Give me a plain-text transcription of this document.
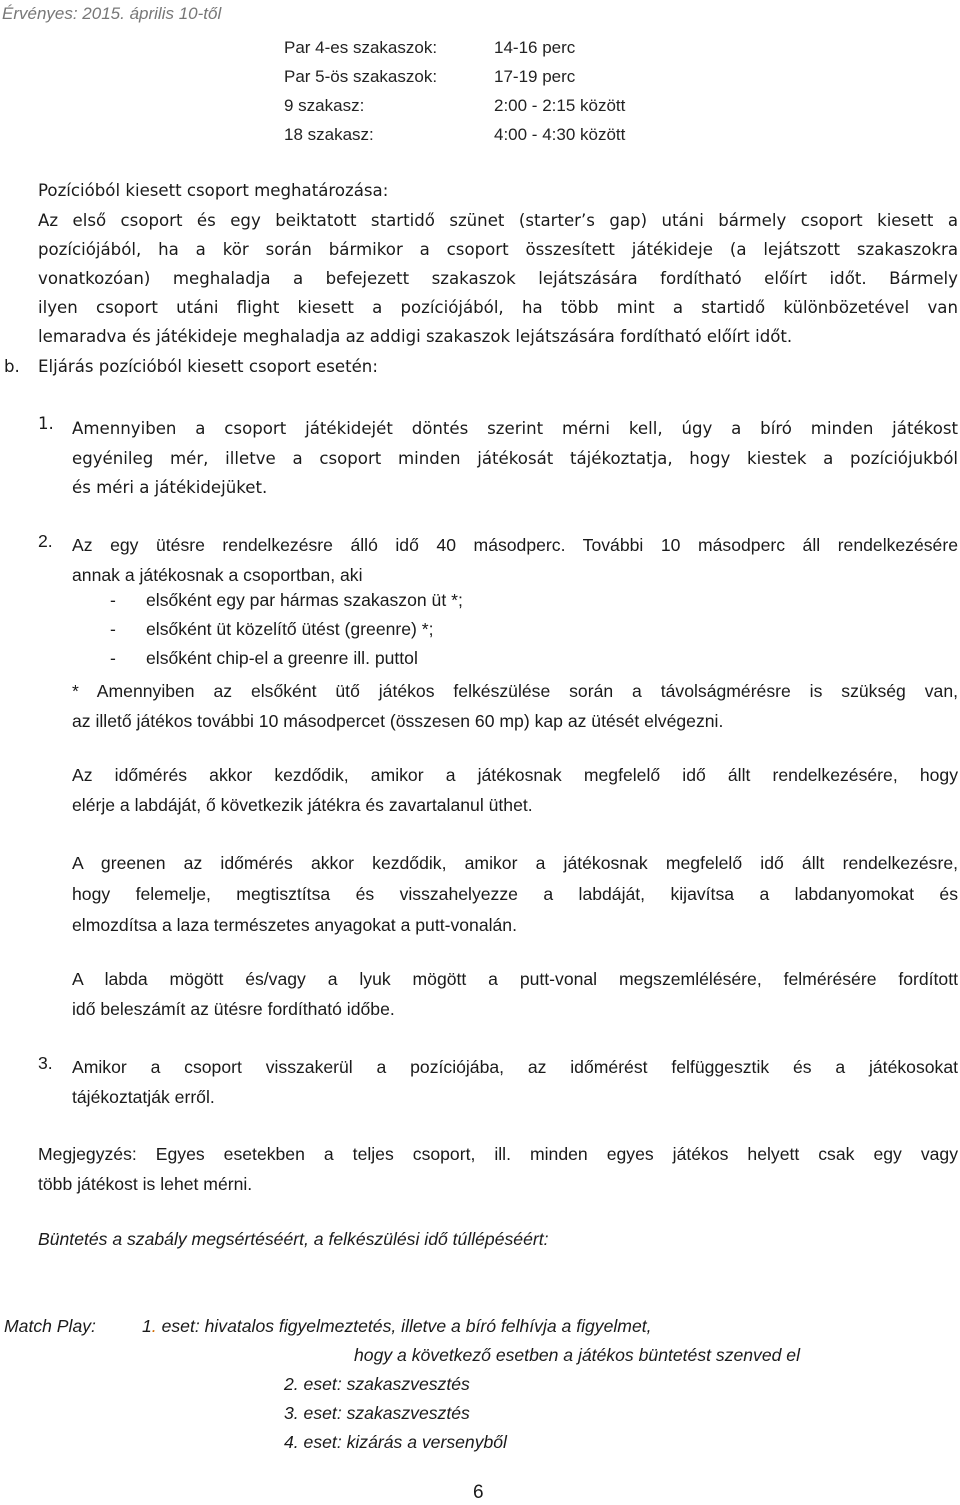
Érvényes: 2015. április 10-től

Par 4-es szakaszok:	14-16 perc

Par 5-ös szakaszok:	17-19 perc

9 szakasz:	2:00 - 2:15 között

18 szakasz:	4:00 - 4:30 között

Pozícióból kiesett csoport meghatározása:

Az első csoport és egy beiktatott startidő szünet (starter’s gap) utáni bármely csoport kiesett a
pozíciójából, ha a kör során bármikor a csoport összesített játékideje (a lejátszott szakaszokra
vonatkozóan) meghaladja a befejezett szakaszok lejátszására fordítható előírt időt. Bármely
ilyen csoport utáni flight kiesett a pozíciójából, ha több mint a startidő különbözetével van
lemaradva és játékideje meghaladja az addigi szakaszok lejátszására fordítható előírt időt.

b. Eljárás pozícióból kiesett csoport esetén:

1. Amennyiben a csoport játékidejét döntés szerint mérni kell, úgy a bíró minden játékost
egyénileg mér, illetve a csoport minden játékosát tájékoztatja, hogy kiestek a pozíciójukból
és méri a játékidejüket.

2. Az egy ütésre rendelkezésre álló idő 40 másodperc. További 10 másodperc áll rendelkezésére
annak a játékosnak a csoportban, aki

- elsőként egy par hármas szakaszon üt *;

- elsőként üt közelítő ütést (greenre) *;

- elsőként chip-el a greenre ill. puttol

* Amennyiben az elsőként ütő játékos felkészülése során a távolságmérésre is szükség van,
az illető játékos további 10 másodpercet (összesen 60 mp) kap az ütését elvégezni.
Az időmérés akkor kezdődik, amikor a játékosnak megfelelő idő állt rendelkezésére, hogy
elérje a labdáját, ő következik játékra és zavartalanul üthet.
A greenen az időmérés akkor kezdődik, amikor a játékosnak megfelelő idő állt rendelkezésre,
hogy felemelje, megtisztítsa és visszahelyezze a labdáját, kijavítsa a labdanyomokat és
elmozdítsa a laza természetes anyagokat a putt-vonalán.
A labda mögött és/vagy a lyuk mögött a putt-vonal megszemlélésére, felmérésére fordított
idő beleszámít az ütésre fordítható időbe.

3. Amikor a csoport visszakerül a pozíciójába, az időmérést felfüggesztik és a játékosokat
tájékoztatják erről.
Megjegyzés: Egyes esetekben a teljes csoport, ill. minden egyes játékos helyett csak egy vagy
több játékost is lehet mérni.

Büntetés a szabály megsértéséért, a felkészülési idő túllépéséért:

Match Play:	1. eset: hivatalos figyelmeztetés, illetve a bíró felhívja a figyelmet,

hogy a következő esetben a játékos büntetést szenved el

2. eset: szakaszvesztés

3. eset: szakaszvesztés

4. eset: kizárás a versenyből

6
